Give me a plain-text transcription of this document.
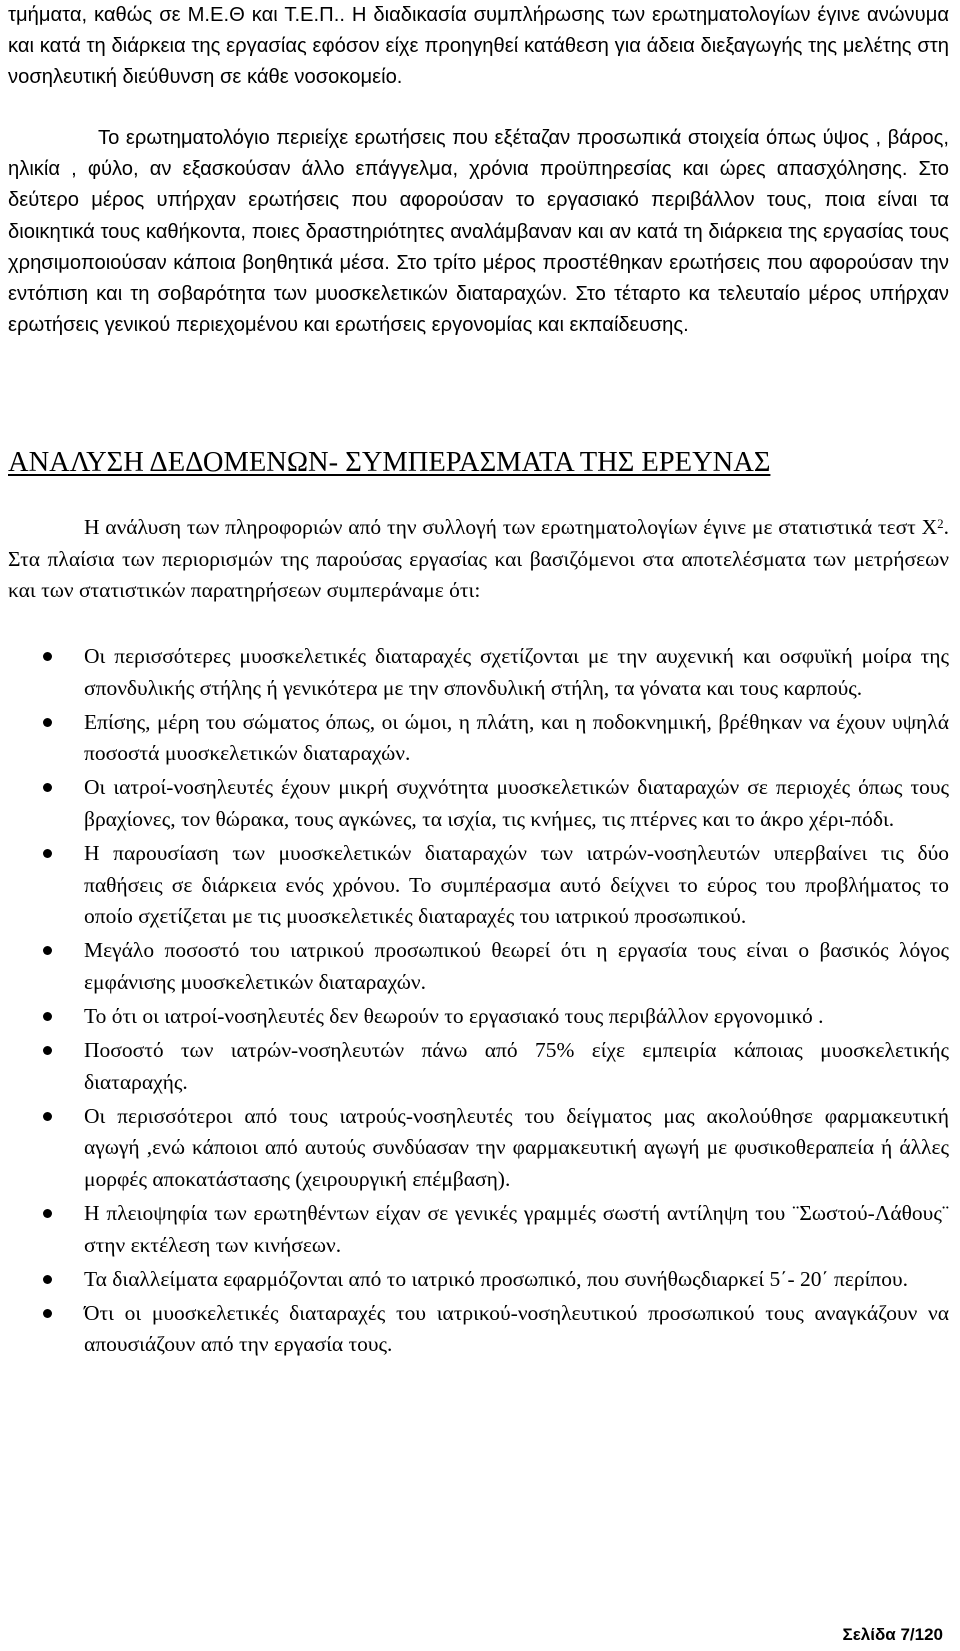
τμήματα, καθώς σε Μ.Ε.Θ και Τ.Ε.Π.. Η διαδικασία συμπλήρωσης των ερωτηματολογίων έγινε ανώνυμα και κατά τη διάρκεια της εργασίας εφόσον είχε προηγηθεί κατάθεση για άδεια διεξαγωγής της μελέτης στη νοσηλευτική διεύθυνση σε κάθε νοσοκομείο.

Το ερωτηματολόγιο περιείχε ερωτήσεις που εξέταζαν προσωπικά στοιχεία όπως ύψος , βάρος, ηλικία , φύλο, αν εξασκούσαν άλλο επάγγελμα, χρόνια προϋπηρεσίας και ώρες απασχόλησης. Στο δεύτερο μέρος υπήρχαν ερωτήσεις που αφορούσαν το εργασιακό περιβάλλον τους, ποια είναι τα διοικητικά τους καθήκοντα, ποιες δραστηριότητες αναλάμβαναν και αν κατά τη διάρκεια της εργασίας τους χρησιμοποιούσαν κάποια βοηθητικά μέσα. Στο τρίτο μέρος προστέθηκαν ερωτήσεις που αφορούσαν την εντόπιση και τη σοβαρότητα των μυοσκελετικών διαταραχών. Στο τέταρτο κα τελευταίο μέρος υπήρχαν ερωτήσεις γενικού περιεχομένου και ερωτήσεις εργονομίας και εκπαίδευσης.

ΑΝΑΛΥΣΗ ΔΕΔΟΜΕΝΩΝ- ΣΥΜΠΕΡΑΣΜΑΤΑ ΤΗΣ ΕΡΕΥΝΑΣ

Η ανάλυση των πληροφοριών από την συλλογή των ερωτηματολογίων έγινε με στατιστικά τεστ $X^2$. Στα πλαίσια των περιορισμών της παρούσας εργασίας και βασιζόμενοι στα αποτελέσματα των μετρήσεων και των στατιστικών παρατηρήσεων συμπεράναμε ότι:

Οι περισσότερες μυοσκελετικές διαταραχές σχετίζονται με την αυχενική και οσφυϊκή μοίρα της σπονδυλικής στήλης ή γενικότερα με την σπονδυλική στήλη, τα γόνατα και τους καρπούς.
Επίσης, μέρη του σώματος όπως, οι ώμοι, η πλάτη, και η ποδοκνημική, βρέθηκαν να έχουν υψηλά ποσοστά μυοσκελετικών διαταραχών.
Οι ιατροί-νοσηλευτές έχουν μικρή συχνότητα μυοσκελετικών διαταραχών σε περιοχές όπως τους βραχίονες, τον θώρακα, τους αγκώνες, τα ισχία, τις κνήμες, τις πτέρνες και το άκρο χέρι-πόδι.
Η παρουσίαση των μυοσκελετικών διαταραχών των ιατρών-νοσηλευτών υπερβαίνει τις δύο παθήσεις σε διάρκεια ενός χρόνου. Το συμπέρασμα αυτό δείχνει το εύρος του προβλήματος το οποίο σχετίζεται με τις μυοσκελετικές διαταραχές του ιατρικού προσωπικού.
Μεγάλο ποσοστό του ιατρικού προσωπικού θεωρεί ότι η εργασία τους είναι ο βασικός λόγος εμφάνισης μυοσκελετικών διαταραχών.
Το ότι οι ιατροί-νοσηλευτές δεν θεωρούν το εργασιακό τους περιβάλλον εργονομικό .
Ποσοστό των ιατρών-νοσηλευτών πάνω από 75% είχε εμπειρία κάποιας μυοσκελετικής διαταραχής.
Οι περισσότεροι από τους ιατρούς-νοσηλευτές του δείγματος μας ακολούθησε φαρμακευτική αγωγή ,ενώ κάποιοι από αυτούς συνδύασαν την φαρμακευτική αγωγή με φυσικοθεραπεία ή άλλες μορφές αποκατάστασης (χειρουργική επέμβαση).
Η πλειοψηφία των ερωτηθέντων είχαν σε γενικές γραμμές σωστή αντίληψη του ¨Σωστού-Λάθους¨ στην εκτέλεση των κινήσεων.
Τα διαλλείματα εφαρμόζονται από το ιατρικό προσωπικό, που συνήθωςδιαρκεί 5΄- 20΄ περίπου.
Ότι οι μυοσκελετικές διαταραχές του ιατρικού-νοσηλευτικού προσωπικού τους αναγκάζουν να απουσιάζουν από την εργασία τους.
Σελίδα 7/120
